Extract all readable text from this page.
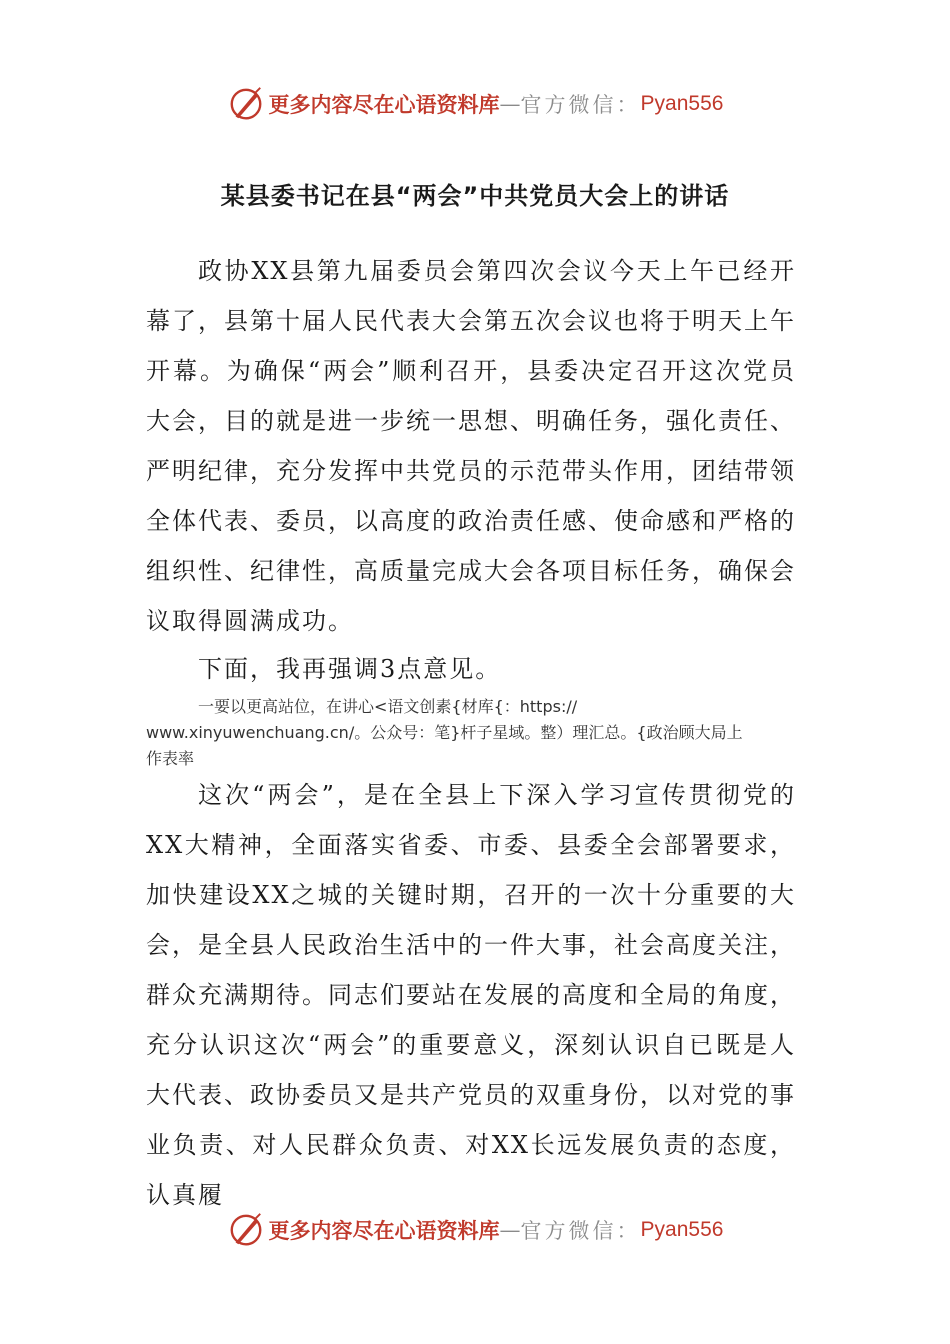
更多内容尽在心语资料库 — 官方微信： Pyan556
某县委书记在县“两会”中共党员大会上的讲话

政协XX县第九届委员会第四次会议今天上午已经开幕了，县第十届人民代表大会第五次会议也将于明天上午开幕。为确保“两会”顺利召开，县委决定召开这次党员大会，目的就是进一步统一思想、明确任务，强化责任、严明纪律，充分发挥中共党员的示范带头作用，团结带领全体代表、委员，以高度的政治责任感、使命感和严格的组织性、纪律性，高质量完成大会各项目标任务，确保会议取得圆满成功。

下面，我再强调3点意见。

一要以更高站位，在讲心<语文创素{材库{：https://
www.xinyuwenchuang.cn/。公众号：笔}杆子星域。整）理汇总。{政治顾大局上
作表率

这次“两会”，是在全县上下深入学习宣传贯彻党的XX大精神，全面落实省委、市委、县委全会部署要求，加快建设XX之城的关键时期，召开的一次十分重要的大会，是全县人民政治生活中的一件大事，社会高度关注，群众充满期待。同志们要站在发展的高度和全局的角度，充分认识这次“两会”的重要意义，深刻认识自已既是人大代表、政协委员又是共产党员的双重身份，以对党的事业负责、对人民群众负责、对XX长远发展负责的态度，认真履

更多内容尽在心语资料库 — 官方微信： Pyan556
